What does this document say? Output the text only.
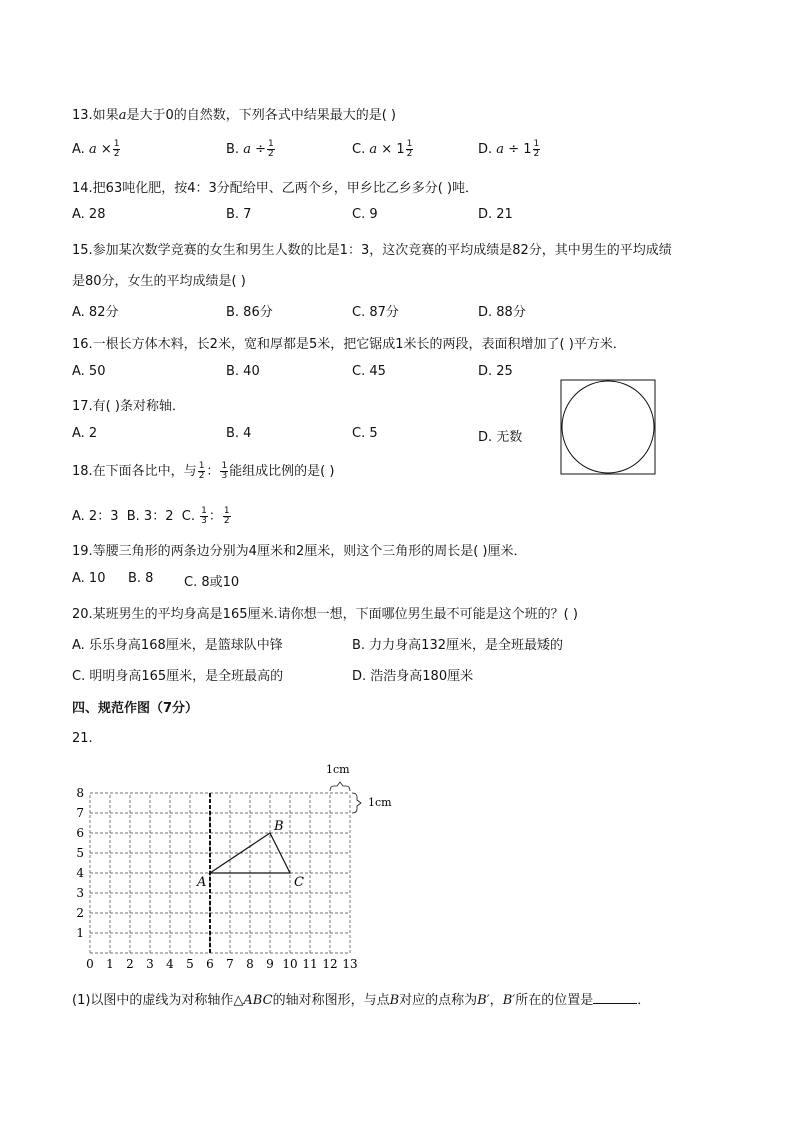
13.如果a是大于0的自然数，下列各式中结果最大的是( )
A. $a \times \frac{1}{2}$	B. $a \div \frac{1}{2}$	C. $a \times 1 \frac{1}{2}$	D. $a \div 1 \frac{1}{2}$
14.把63吨化肥，按4：3分配给甲、乙两个乡，甲乡比乙乡多分( )吨．
A. 28	B. 7	C. 9	D. 21
15.参加某次数学竞赛的女生和男生人数的比是1：3，这次竞赛的平均成绩是82分，其中男生的平均成绩
是80分，女生的平均成绩是( )
A. 82分	B. 86分	C. 87分	D. 88分
16.一根长方体木料，长2米，宽和厚都是5米，把它锯成1米长的两段，表面积增加了( )平方米．
A. 50	B. 40	C. 45	D. 25
17.有( )条对称轴．
A. 2	B. 4	C. 5	D. 无数
18.在下面各比中，与 $\frac{1}{2}$ ： $\frac{1}{3}$ 能组成比例的是( )
A. 2：3 B. 3：2 C. $\frac{1}{3}$ ： $\frac{1}{2}$
19.等腰三角形的两条边分别为4厘米和2厘米，则这个三角形的周长是( )厘米．
A. 10 B. 8 C. 8或10
20.某班男生的平均身高是165厘米.请你想一想，下面哪位男生最不可能是这个班的？( )
A. 乐乐身高168厘米，是篮球队中锋	B. 力力身高132厘米，是全班最矮的
C. 明明身高165厘米，是全班最高的	D. 浩浩身高180厘米
四、规范作图（7分）
21.
0 1 2 3 4 5 6 7 8 9 10 11 12 13
1
2
3
4
5
6
7
8
A
B
C
1cm
1cm
(1)以图中的虚线为对称轴作△ABC的轴对称图形，与点B对应的点称为B′，B′所在的位置是	．
